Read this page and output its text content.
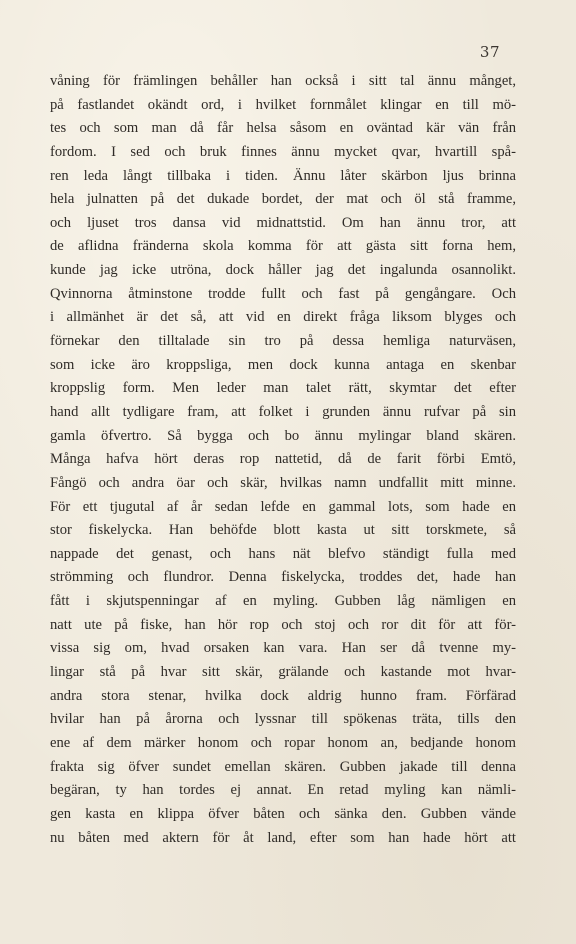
37
våning för främlingen behåller han också i sitt tal ännu månget,
på fastlandet okändt ord, i hvilket fornmålet klingar en till mö-
tes och som man då får helsa såsom en oväntad kär vän från
fordom. I sed och bruk finnes ännu mycket qvar, hvartill spå-
ren leda långt tillbaka i tiden. Ännu låter skärbon ljus brinna
hela julnatten på det dukade bordet, der mat och öl stå framme,
och ljuset tros dansa vid midnattstid. Om han ännu tror, att
de aflidna fränderna skola komma för att gästa sitt forna hem,
kunde jag icke utröna, dock håller jag det ingalunda osannolikt.
Qvinnorna åtminstone trodde fullt och fast på gengångare. Och
i allmänhet är det så, att vid en direkt fråga liksom blyges och
förnekar den tilltalade sin tro på dessa hemliga naturväsen,
som icke äro kroppsliga, men dock kunna antaga en skenbar
kroppslig form. Men leder man talet rätt, skymtar det efter
hand allt tydligare fram, att folket i grunden ännu rufvar på sin
gamla öfvertro. Så bygga och bo ännu mylingar bland skären.
Många hafva hört deras rop nattetid, då de farit förbi Emtö,
Fångö och andra öar och skär, hvilkas namn undfallit mitt minne.
För ett tjugutal af år sedan lefde en gammal lots, som hade en
stor fiskelycka. Han behöfde blott kasta ut sitt torskmete, så
nappade det genast, och hans nät blefvo ständigt fulla med
strömming och flundror. Denna fiskelycka, troddes det, hade han
fått i skjutspenningar af en myling. Gubben låg nämligen en
natt ute på fiske, han hör rop och stoj och ror dit för att för-
vissa sig om, hvad orsaken kan vara. Han ser då tvenne my-
lingar stå på hvar sitt skär, grälande och kastande mot hvar-
andra stora stenar, hvilka dock aldrig hunno fram. Förfärad
hvilar han på årorna och lyssnar till spökenas träta, tills den
ene af dem märker honom och ropar honom an, bedjande honom
frakta sig öfver sundet emellan skären. Gubben jakade till denna
begäran, ty han tordes ej annat. En retad myling kan nämli-
gen kasta en klippa öfver båten och sänka den. Gubben vände
nu båten med aktern för åt land, efter som han hade hört att
